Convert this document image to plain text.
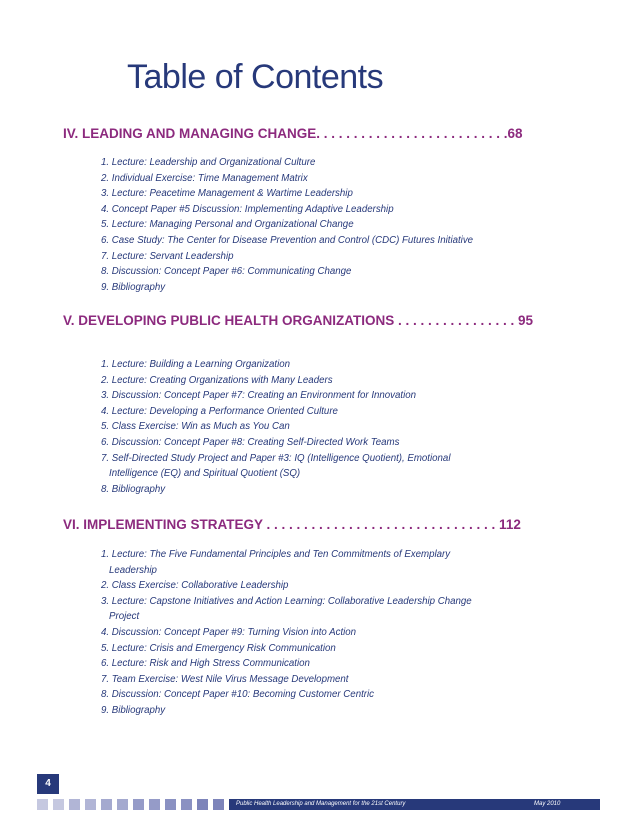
Table of Contents
IV. LEADING AND MANAGING CHANGE. . . . . . . . . . . . . . . . . . . . . . . . . .68
1. Lecture: Leadership and Organizational Culture
2. Individual Exercise: Time Management Matrix
3. Lecture: Peacetime Management & Wartime Leadership
4. Concept Paper #5 Discussion: Implementing Adaptive Leadership
5. Lecture: Managing Personal and Organizational Change
6. Case Study: The Center for Disease Prevention and Control (CDC) Futures Initiative
7. Lecture: Servant Leadership
8. Discussion: Concept Paper #6: Communicating Change
9. Bibliography
V. DEVELOPING PUBLIC HEALTH ORGANIZATIONS . . . . . . . . . . . . . . . . 95
1. Lecture: Building a Learning Organization
2. Lecture: Creating Organizations with Many Leaders
3. Discussion: Concept Paper #7: Creating an Environment for Innovation
4. Lecture: Developing a Performance Oriented Culture
5. Class Exercise: Win as Much as You Can
6. Discussion: Concept Paper #8: Creating Self-Directed Work Teams
7. Self-Directed Study Project and Paper #3: IQ (Intelligence Quotient), Emotional
Intelligence (EQ) and Spiritual Quotient (SQ)
8. Bibliography
VI. IMPLEMENTING STRATEGY . . . . . . . . . . . . . . . . . . . . . . . . . . . . . . . 112
1. Lecture: The Five Fundamental Principles and Ten Commitments of Exemplary
Leadership
2. Class Exercise: Collaborative Leadership
3. Lecture: Capstone Initiatives and Action Learning: Collaborative Leadership Change
Project
4. Discussion: Concept Paper #9: Turning Vision into Action
5. Lecture: Crisis and Emergency Risk Communication
6. Lecture: Risk and High Stress Communication
7. Team Exercise: West Nile Virus Message Development
8. Discussion: Concept Paper #10: Becoming Customer Centric
9. Bibliography
4
Public Health Leadership and Management for the 21st Century	May 2010
